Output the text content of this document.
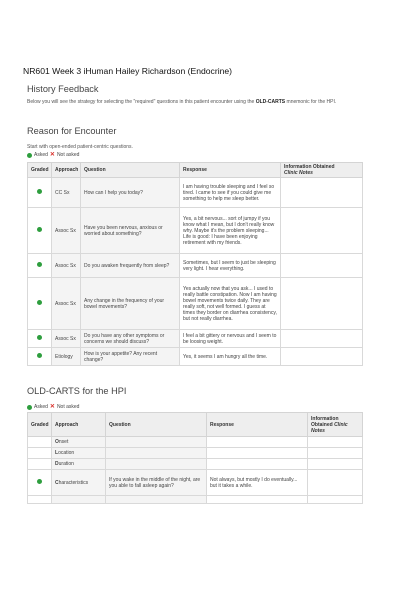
NR601 Week 3 iHuman Hailey Richardson (Endocrine)
History Feedback
Below you will see the strategy for selecting the "required" questions in this patient encounter using the OLD-CARTS mnemonic for the HPI.
Reason for Encounter
Start with open-ended patient-centric questions.
Asked ✕ Not asked
Graded	Approach	Question	Response	Information Obtained
Clinic Notes
	CC Sx	How can I help you today?	I am having trouble sleeping and I feel so tired. I came to see if you could give me something to help me sleep better.	
	Assoc Sx	Have you been nervous, anxious or worried about something?	Yes, a bit nervous... sort of jumpy if you know what I mean, but I don't really know why. Maybe it's the problem sleeping... Life is good: I have been enjoying retirement with my friends.	
	Assoc Sx	Do you awaken frequently from sleep?	Sometimes, but I seem to just be sleeping very light. I hear everything.	
	Assoc Sx	Any change in the frequency of your bowel movements?	Yes actually now that you ask... I used to really battle constipation. Now I am having bowel movements twice daily. They are really soft, not well formed. I guess at times they border on diarrhea consistency, but not really diarrhea.	
	Assoc Sx	Do you have any other symptoms or concerns we should discuss?	I feel a bit gittery or nervous and I seem to be loosing weight.	
	Etiology	How is your appetite? Any recent change?	Yes, it seems I am hungry all the time.	
OLD-CARTS for the HPI
Asked ✕ Not asked
Graded	Approach	Question	Response	Information
Obtained Clinic
Notes
	Onset			
	Location			
	Duration			
	Characteristics	If you wake in the middle of the night, are you able to fall asleep again?	Not always, but mostly I do eventually... but it takes a while.	
